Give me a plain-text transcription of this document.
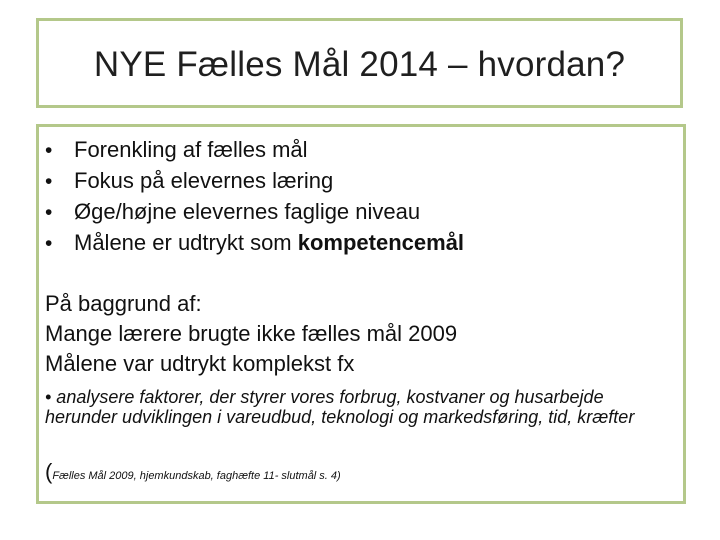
NYE Fælles Mål 2014 – hvordan?
• Forenkling af fælles mål
• Fokus på elevernes læring
• Øge/højne elevernes faglige niveau
• Målene er udtrykt som kompetencemål
På baggrund af:
Mange lærere brugte ikke fælles mål 2009
Målene var udtrykt komplekst fx
• analysere faktorer, der styrer vores forbrug, kostvaner og husarbejde herunder udviklingen i vareudbud, teknologi og markedsføring, tid, kræfter
(Fælles Mål 2009, hjemkundskab, faghæfte 11- slutmål s. 4)
